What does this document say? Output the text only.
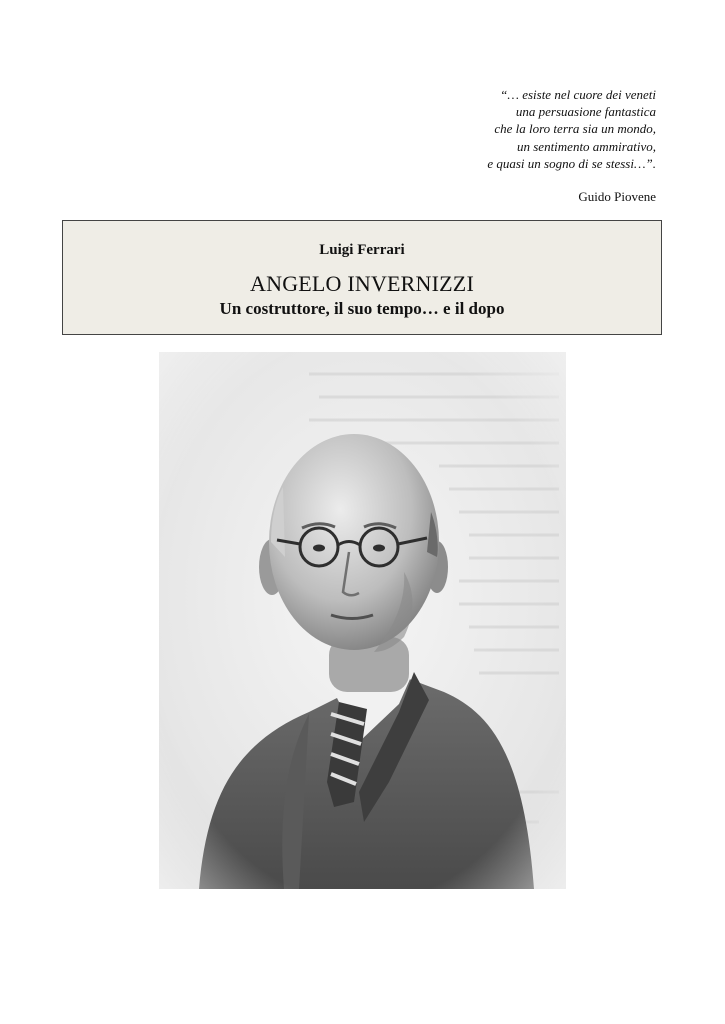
“… esiste nel cuore dei veneti
una persuasione fantastica
che la loro terra sia un mondo,
un sentimento ammirativo,
e quasi un sogno di se stessi…”.
Guido Piovene
Luigi Ferrari
ANGELO INVERNIZZI
Un costruttore, il suo tempo… e il dopo
